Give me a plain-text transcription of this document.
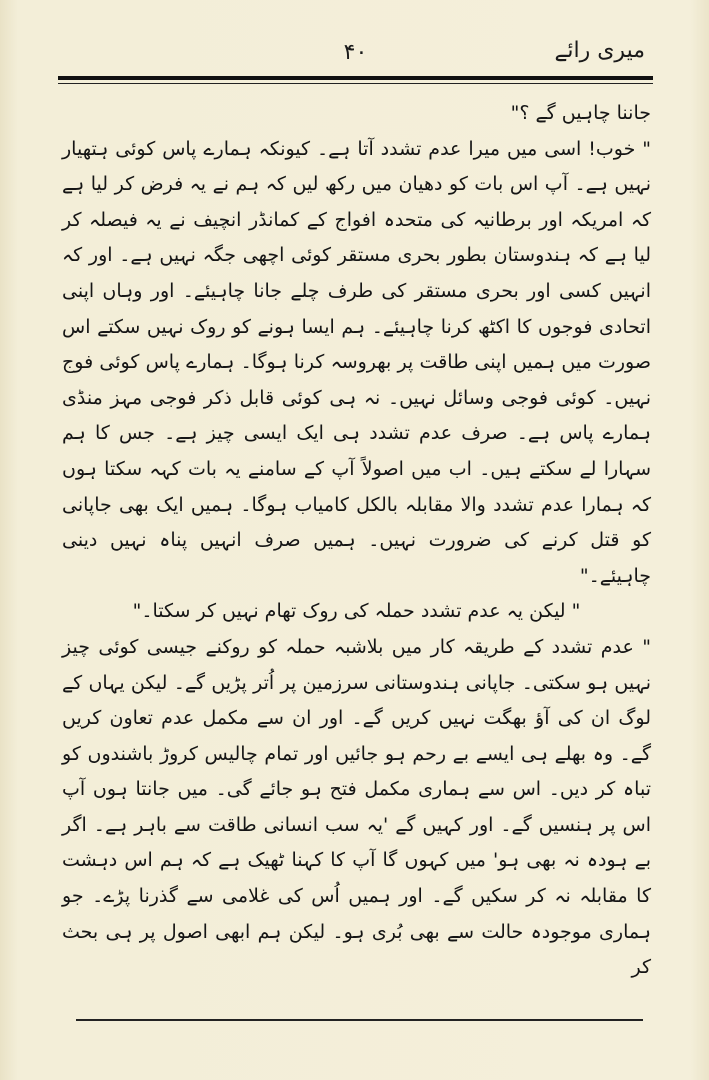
میری رائے
۴۰

جاننا چاہیں گے ؟"

" خوب! اسی میں میرا عدم تشدد آتا ہے۔ کیونکہ ہمارے پاس کوئی ہتھیار نہیں ہے۔ آپ اس بات کو دھیان میں رکھ لیں کہ ہم نے یہ فرض کر لیا ہے کہ امریکہ اور برطانیہ کی متحدہ افواج کے کمانڈر انچیف نے یہ فیصلہ کر لیا ہے کہ ہندوستان بطور بحری مستقر کوئی اچھی جگہ نہیں ہے۔ اور کہ انہیں کسی اور بحری مستقر کی طرف چلے جانا چاہیئے۔ اور وہاں اپنی اتحادی فوجوں کا اکٹھ کرنا چاہیئے۔ ہم ایسا ہونے کو روک نہیں سکتے اس صورت میں ہمیں اپنی طاقت پر بھروسہ کرنا ہوگا۔ ہمارے پاس کوئی فوج نہیں۔ کوئی فوجی وسائل نہیں۔ نہ ہی کوئی قابل ذکر فوجی مہز منڈی ہمارے پاس ہے۔ صرف عدم تشدد ہی ایک ایسی چیز ہے۔ جس کا ہم سہارا لے سکتے ہیں۔ اب میں اصولاً آپ کے سامنے یہ بات کہہ سکتا ہوں کہ ہمارا عدم تشدد والا مقابلہ بالکل کامیاب ہوگا۔ ہمیں ایک بھی جاپانی کو قتل کرنے کی ضرورت نہیں۔ ہمیں صرف انہیں پناہ نہیں دینی چاہیئے۔"

" لیکن یہ عدم تشدد حملہ کی روک تھام نہیں کر سکتا۔"

" عدم تشدد کے طریقہ کار میں بلاشبہ حملہ کو روکنے جیسی کوئی چیز نہیں ہو سکتی۔ جاپانی ہندوستانی سرزمین پر اُتر پڑیں گے۔ لیکن یہاں کے لوگ ان کی آؤ بھگت نہیں کریں گے۔ اور ان سے مکمل عدم تعاون کریں گے۔ وہ بھلے ہی ایسے بے رحم ہو جائیں اور تمام چالیس کروڑ باشندوں کو تباہ کر دیں۔ اس سے ہماری مکمل فتح ہو جائے گی۔ میں جانتا ہوں آپ اس پر ہنسیں گے۔ اور کہیں گے 'یہ سب انسانی طاقت سے باہر ہے۔ اگر بے ہودہ نہ بھی ہو' میں کہوں گا آپ کا کہنا ٹھیک ہے کہ ہم اس دہشت کا مقابلہ نہ کر سکیں گے۔ اور ہمیں اُس کی غلامی سے گذرنا پڑے۔ جو ہماری موجودہ حالت سے بھی بُری ہو۔ لیکن ہم ابھی اصول پر ہی بحث کر
